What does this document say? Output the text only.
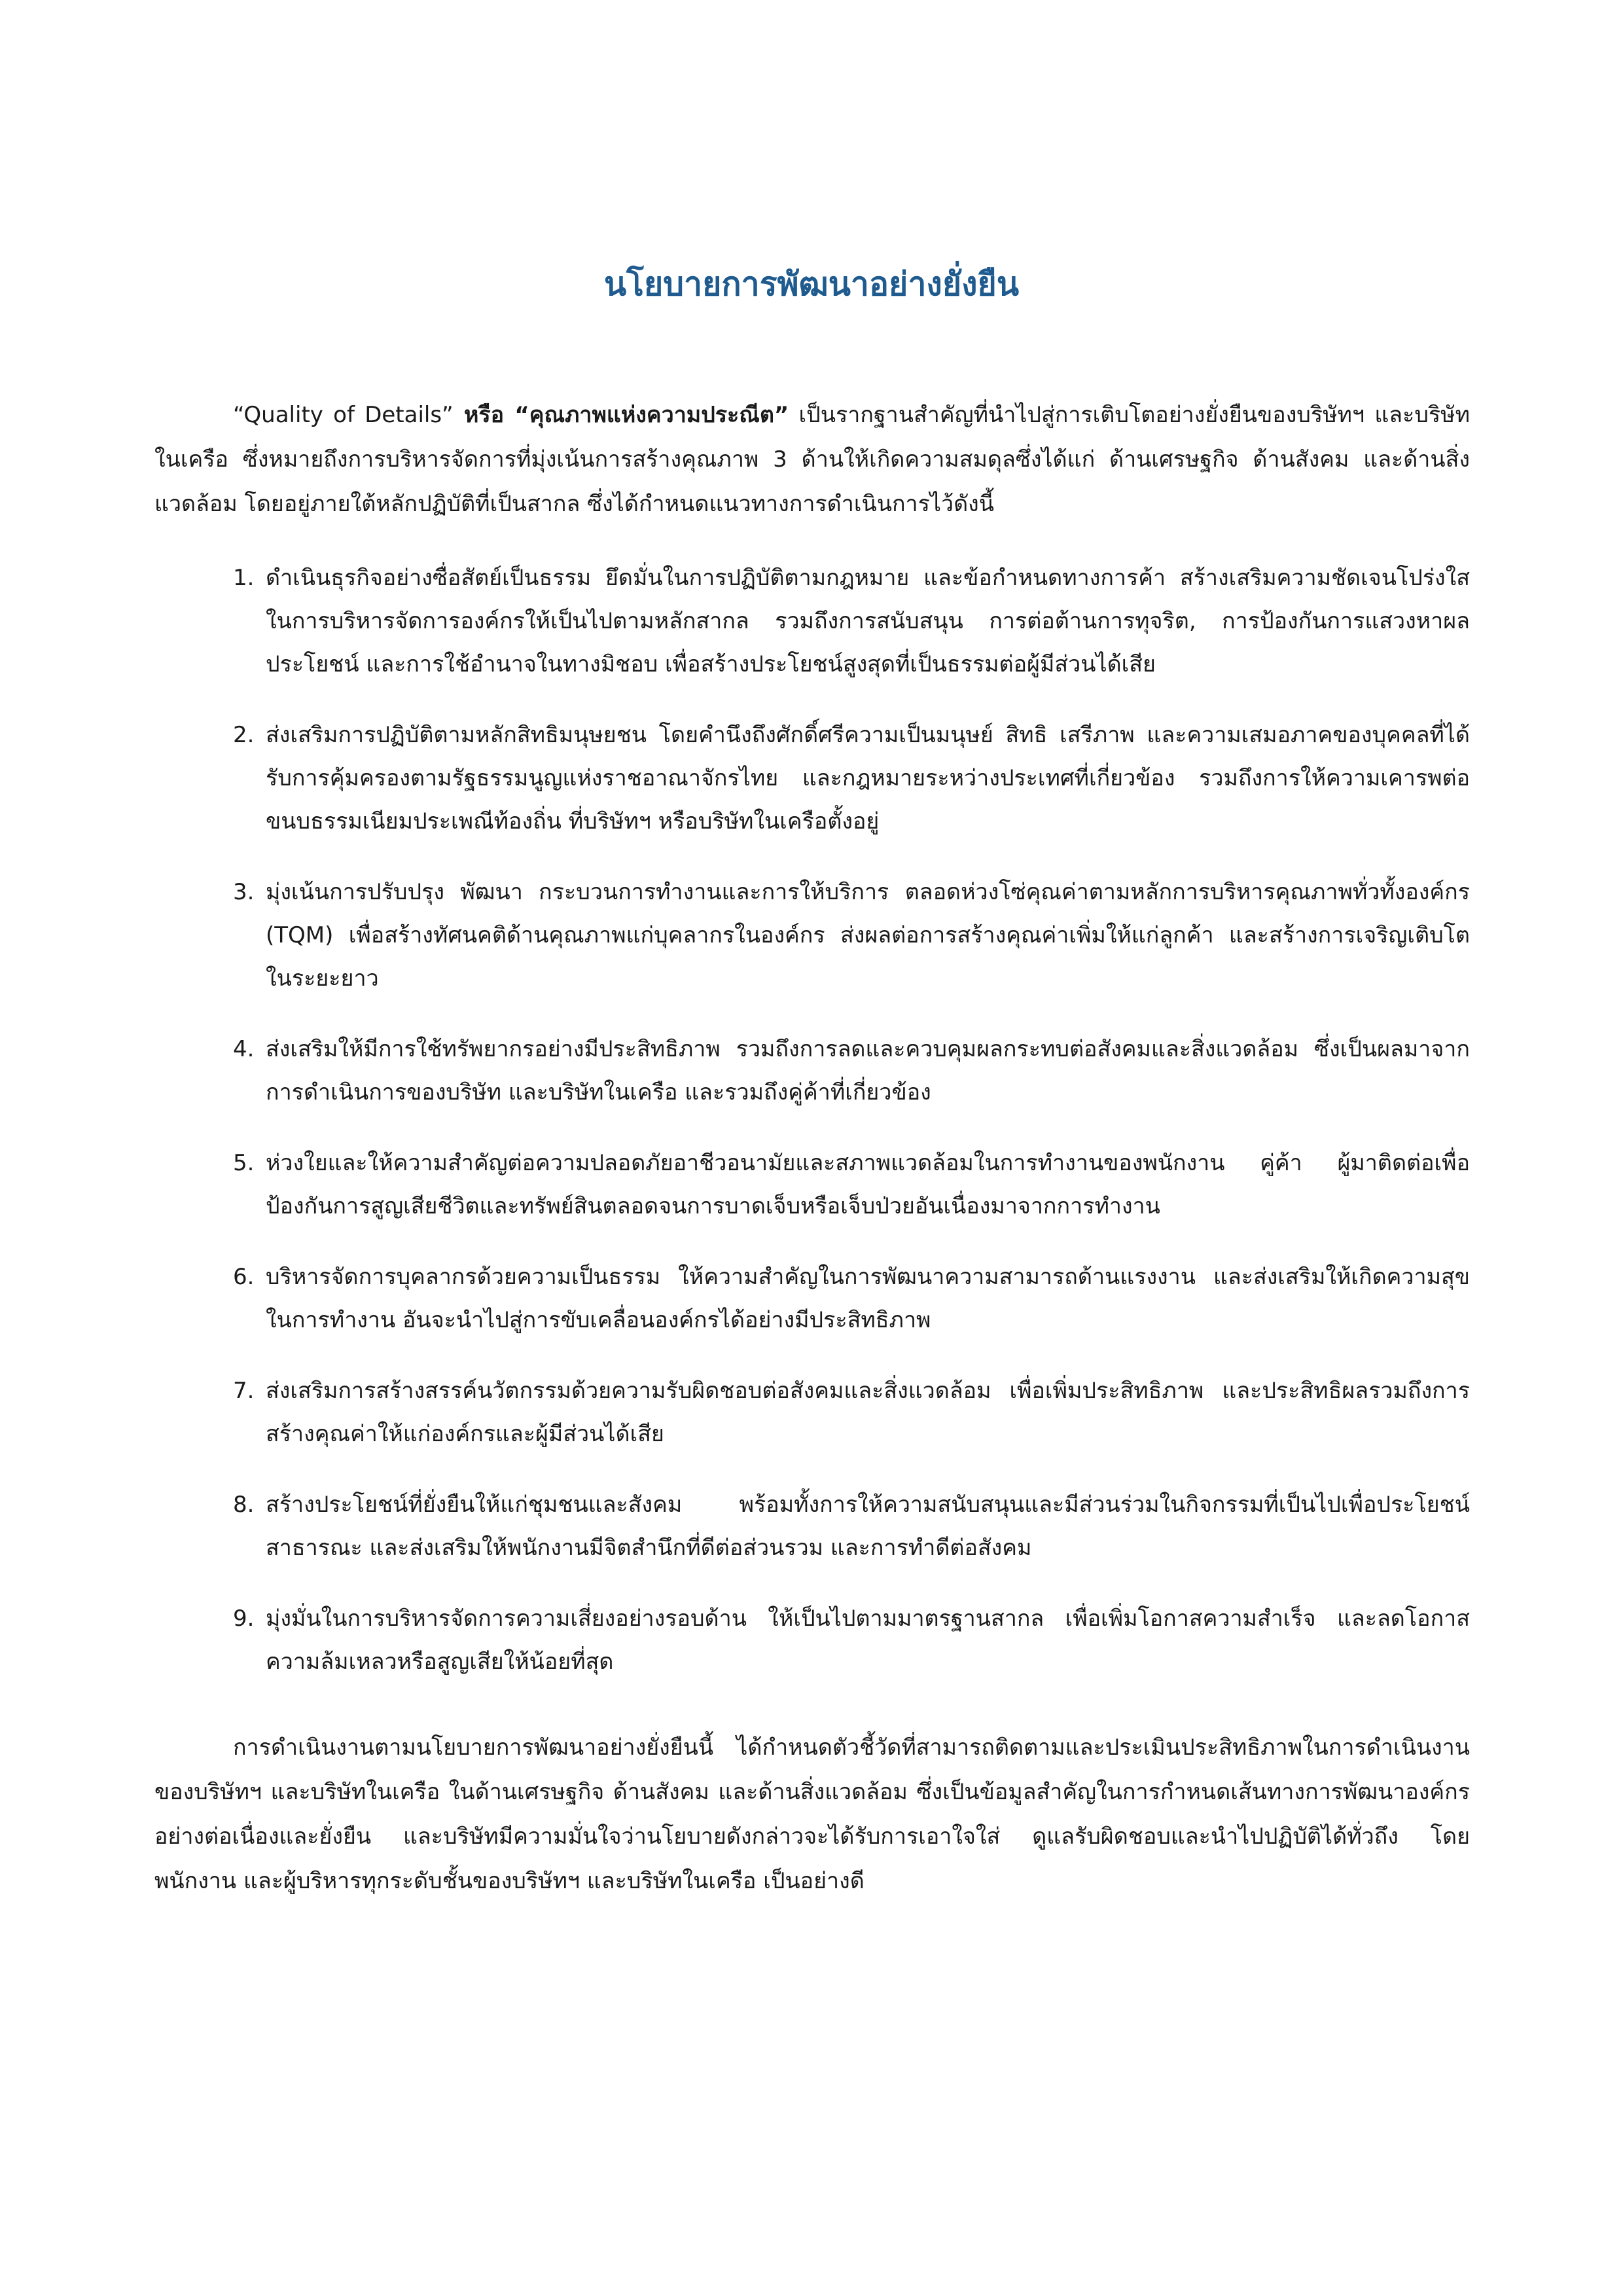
นโยบายการพัฒนาอย่างยั่งยืน

“Quality of Details” หรือ “คุณภาพแห่งความประณีต” เป็นรากฐานสำคัญที่นำไปสู่การเติบโตอย่างยั่งยืนของบริษัทฯ และบริษัทในเครือ ซึ่งหมายถึงการบริหารจัดการที่มุ่งเน้นการสร้างคุณภาพ 3 ด้านให้เกิดความสมดุลซึ่งได้แก่ ด้านเศรษฐกิจ ด้านสังคม และด้านสิ่งแวดล้อม โดยอยู่ภายใต้หลักปฏิบัติที่เป็นสากล ซึ่งได้กำหนดแนวทางการดำเนินการไว้ดังนี้

1. ดำเนินธุรกิจอย่างซื่อสัตย์เป็นธรรม ยึดมั่นในการปฏิบัติตามกฎหมาย และข้อกำหนดทางการค้า สร้างเสริมความชัดเจนโปร่งใสในการบริหารจัดการองค์กรให้เป็นไปตามหลักสากล รวมถึงการสนับสนุน การต่อต้านการทุจริต, การป้องกันการแสวงหาผลประโยชน์ และการใช้อำนาจในทางมิชอบ เพื่อสร้างประโยชน์สูงสุดที่เป็นธรรมต่อผู้มีส่วนได้เสีย
2. ส่งเสริมการปฏิบัติตามหลักสิทธิมนุษยชน โดยคำนึงถึงศักดิ์ศรีความเป็นมนุษย์ สิทธิ เสรีภาพ และความเสมอภาคของบุคคลที่ได้รับการคุ้มครองตามรัฐธรรมนูญแห่งราชอาณาจักรไทย และกฎหมายระหว่างประเทศที่เกี่ยวข้อง รวมถึงการให้ความเคารพต่อขนบธรรมเนียมประเพณีท้องถิ่น ที่บริษัทฯ หรือบริษัทในเครือตั้งอยู่
3. มุ่งเน้นการปรับปรุง พัฒนา กระบวนการทำงานและการให้บริการ ตลอดห่วงโซ่คุณค่าตามหลักการบริหารคุณภาพทั่วทั้งองค์กร (TQM) เพื่อสร้างทัศนคติด้านคุณภาพแก่บุคลากรในองค์กร ส่งผลต่อการสร้างคุณค่าเพิ่มให้แก่ลูกค้า และสร้างการเจริญเติบโตในระยะยาว
4. ส่งเสริมให้มีการใช้ทรัพยากรอย่างมีประสิทธิภาพ รวมถึงการลดและควบคุมผลกระทบต่อสังคมและสิ่งแวดล้อม ซึ่งเป็นผลมาจากการดำเนินการของบริษัท และบริษัทในเครือ และรวมถึงคู่ค้าที่เกี่ยวข้อง
5. ห่วงใยและให้ความสำคัญต่อความปลอดภัยอาชีวอนามัยและสภาพแวดล้อมในการทำงานของพนักงาน คู่ค้า ผู้มาติดต่อเพื่อป้องกันการสูญเสียชีวิตและทรัพย์สินตลอดจนการบาดเจ็บหรือเจ็บป่วยอันเนื่องมาจากการทำงาน
6. บริหารจัดการบุคลากรด้วยความเป็นธรรม ให้ความสำคัญในการพัฒนาความสามารถด้านแรงงาน และส่งเสริมให้เกิดความสุขในการทำงาน อันจะนำไปสู่การขับเคลื่อนองค์กรได้อย่างมีประสิทธิภาพ
7. ส่งเสริมการสร้างสรรค์นวัตกรรมด้วยความรับผิดชอบต่อสังคมและสิ่งแวดล้อม เพื่อเพิ่มประสิทธิภาพ และประสิทธิผลรวมถึงการสร้างคุณค่าให้แก่องค์กรและผู้มีส่วนได้เสีย
8. สร้างประโยชน์ที่ยั่งยืนให้แก่ชุมชนและสังคม พร้อมทั้งการให้ความสนับสนุนและมีส่วนร่วมในกิจกรรมที่เป็นไปเพื่อประโยชน์สาธารณะ และส่งเสริมให้พนักงานมีจิตสำนึกที่ดีต่อส่วนรวม และการทำดีต่อสังคม
9. มุ่งมั่นในการบริหารจัดการความเสี่ยงอย่างรอบด้าน ให้เป็นไปตามมาตรฐานสากล เพื่อเพิ่มโอกาสความสำเร็จ และลดโอกาสความล้มเหลวหรือสูญเสียให้น้อยที่สุด

การดำเนินงานตามนโยบายการพัฒนาอย่างยั่งยืนนี้ ได้กำหนดตัวชี้วัดที่สามารถติดตามและประเมินประสิทธิภาพในการดำเนินงานของบริษัทฯ และบริษัทในเครือ ในด้านเศรษฐกิจ ด้านสังคม และด้านสิ่งแวดล้อม ซึ่งเป็นข้อมูลสำคัญในการกำหนดเส้นทางการพัฒนาองค์กรอย่างต่อเนื่องและยั่งยืน และบริษัทมีความมั่นใจว่านโยบายดังกล่าวจะได้รับการเอาใจใส่ ดูแลรับผิดชอบและนำไปปฏิบัติได้ทั่วถึง โดยพนักงาน และผู้บริหารทุกระดับชั้นของบริษัทฯ และบริษัทในเครือ เป็นอย่างดี
